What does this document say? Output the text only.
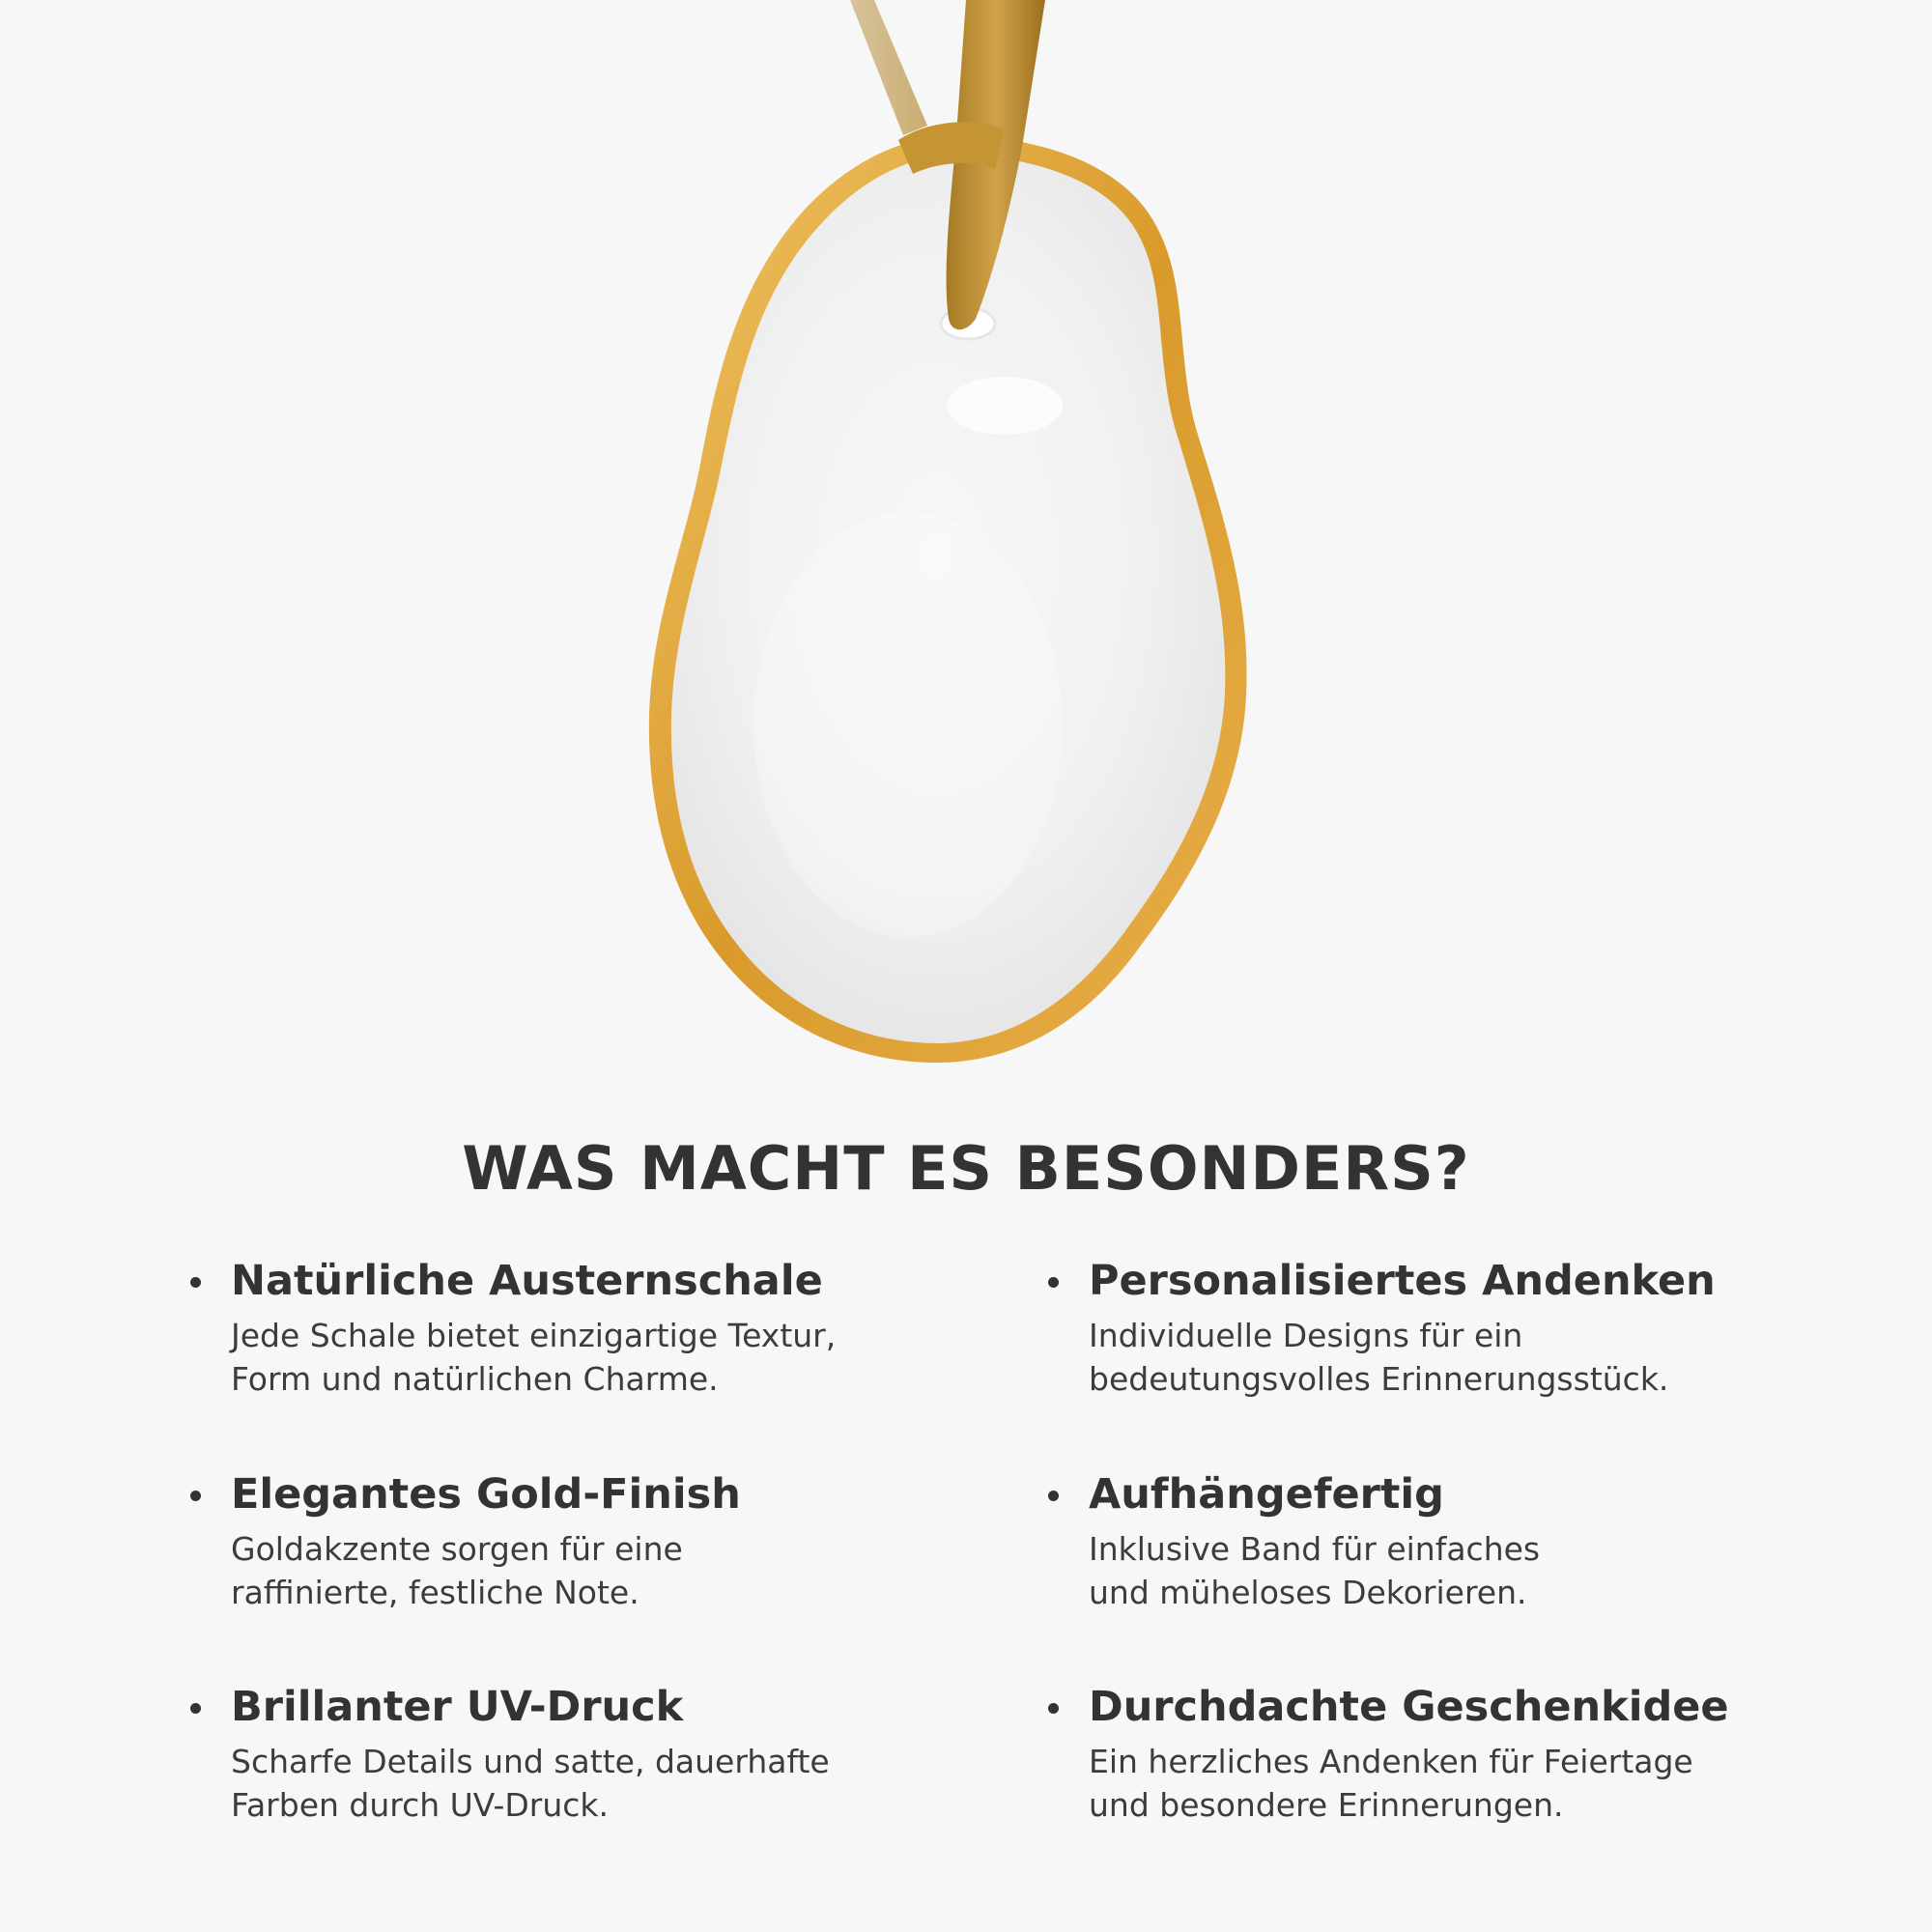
WAS MACHT ES BESONDERS?

Natürliche Austernschale

Jede Schale bietet einzigartige Textur,
Form und natürlichen Charme.

Personalisiertes Andenken

Individuelle Designs für ein
bedeutungsvolles Erinnerungsstück.

Elegantes Gold-Finish

Goldakzente sorgen für eine
raffinierte, festliche Note.

Aufhängefertig

Inklusive Band für einfaches
und müheloses Dekorieren.

Brillanter UV-Druck

Scharfe Details und satte, dauerhafte
Farben durch UV-Druck.

Durchdachte Geschenkidee

Ein herzliches Andenken für Feiertage
und besondere Erinnerungen.
